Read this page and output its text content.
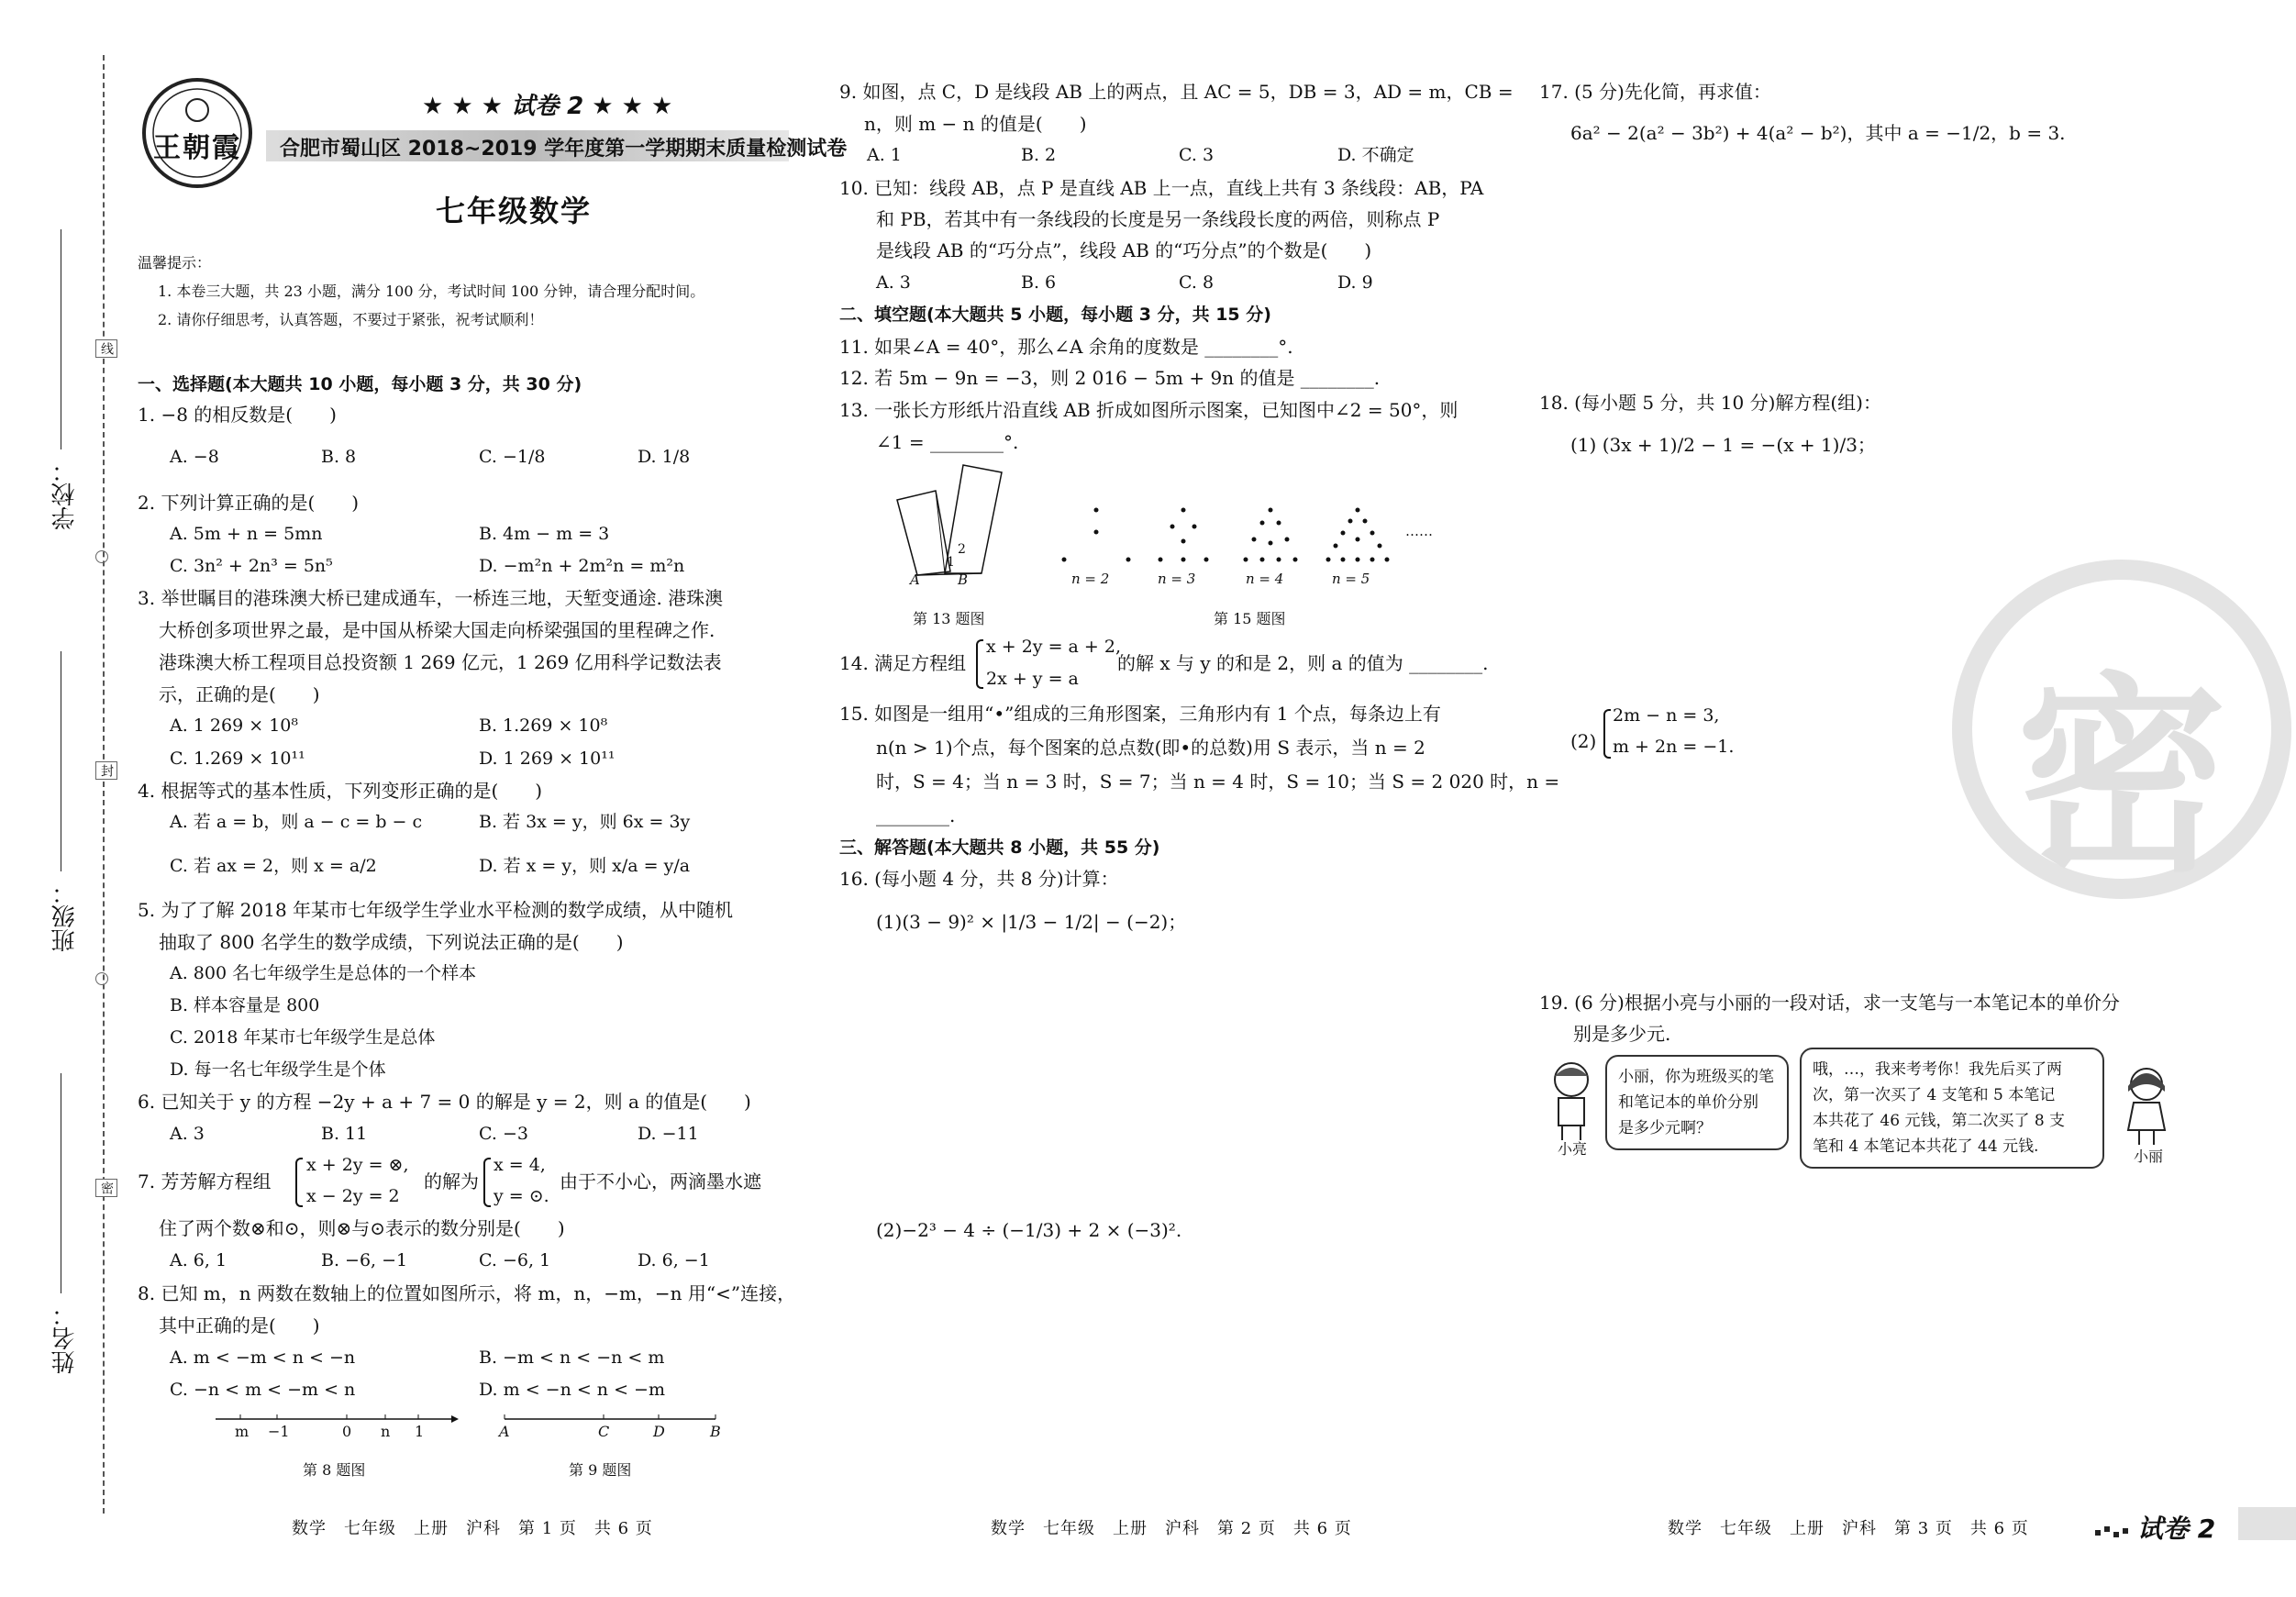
学校：
班级：
姓名：
线
封
密
王朝霞
★ ★ ★ 试卷 2 ★ ★ ★
合肥市蜀山区 2018~2019 学年度第一学期期末质量检测试卷
七年级数学
温馨提示：
1. 本卷三大题，共 23 小题，满分 100 分，考试时间 100 分钟，请合理分配时间。
2. 请你仔细思考，认真答题，不要过于紧张，祝考试顺利！
一、选择题(本大题共 10 小题，每小题 3 分，共 30 分)
1. −8 的相反数是(　　)
A. −8	B. 8	C. −1/8	D. 1/8
2. 下列计算正确的是(　　)
A. 5m + n = 5mn	B. 4m − m = 3
C. 3n² + 2n³ = 5n⁵	D. −m²n + 2m²n = m²n
3. 举世瞩目的港珠澳大桥已建成通车，一桥连三地，天堑变通途. 港珠澳
大桥创多项世界之最，是中国从桥梁大国走向桥梁强国的里程碑之作.
港珠澳大桥工程项目总投资额 1 269 亿元，1 269 亿用科学记数法表
示，正确的是(　　)
A. 1 269 × 10⁸	B. 1.269 × 10⁸
C. 1.269 × 10¹¹	D. 1 269 × 10¹¹
4. 根据等式的基本性质，下列变形正确的是(　　)
A. 若 a = b，则 a − c = b − c	B. 若 3x = y，则 6x = 3y
C. 若 ax = 2，则 x = a/2	D. 若 x = y，则 x/a = y/a
5. 为了了解 2018 年某市七年级学生学业水平检测的数学成绩，从中随机
抽取了 800 名学生的数学成绩，下列说法正确的是(　　)
A. 800 名七年级学生是总体的一个样本
B. 样本容量是 800
C. 2018 年某市七年级学生是总体
D. 每一名七年级学生是个体
6. 已知关于 y 的方程 −2y + a + 7 = 0 的解是 y = 2，则 a 的值是(　　)
A. 3	B. 11	C. −3	D. −11
7. 芳芳解方程组
x + 2y = ⊗,
x − 2y = 2
的解为
x = 4,
y = ⊙.
由于不小心，两滴墨水遮
住了两个数⊗和⊙，则⊗与⊙表示的数分别是(　　)
A. 6, 1	B. −6, −1	C. −6, 1	D. 6, −1
8. 已知 m，n 两数在数轴上的位置如图所示，将 m，n，−m，−n 用“<”连接，
其中正确的是(　　)
A. m < −m < n < −n	B. −m < n < −n < m
C. −n < m < −m < n	D. m < −n < n < −m
m −1	0 n 1
第 8 题图
A	C	D	B
第 9 题图
数学　七年级　上册　沪科　第 1 页　共 6 页
9. 如图，点 C，D 是线段 AB 上的两点，且 AC = 5，DB = 3，AD = m，CB =
n，则 m − n 的值是(　　)
A. 1	B. 2	C. 3	D. 不确定
10. 已知：线段 AB，点 P 是直线 AB 上一点，直线上共有 3 条线段：AB，PA
和 PB，若其中有一条线段的长度是另一条线段长度的两倍，则称点 P
是线段 AB 的“巧分点”，线段 AB 的“巧分点”的个数是(　　)
A. 3	B. 6	C. 8	D. 9
二、填空题(本大题共 5 小题，每小题 3 分，共 15 分)
11. 如果∠A = 40°，那么∠A 余角的度数是 ________°.
12. 若 5m − 9n = −3，则 2 016 − 5m + 9n 的值是 ________.
13. 一张长方形纸片沿直线 AB 折成如图所示图案，已知图中∠2 = 50°，则
∠1 = ________°.
A	B
1
2
第 13 题图
n = 2	n = 3	n = 4	n = 5
……
第 15 题图
14. 满足方程组
x + 2y = a + 2,
2x + y = a
的解 x 与 y 的和是 2，则 a 的值为 ________.
15. 如图是一组用“•”组成的三角形图案，三角形内有 1 个点，每条边上有
n(n > 1)个点，每个图案的总点数(即•的总数)用 S 表示，当 n = 2
时，S = 4；当 n = 3 时，S = 7；当 n = 4 时，S = 10；当 S = 2 020 时，n =
________.
三、解答题(本大题共 8 小题，共 55 分)
16. (每小题 4 分，共 8 分)计算：
(1)(3 − 9)² × |1/3 − 1/2| − (−2)；
(2)−2³ − 4 ÷ (−1/3) + 2 × (−3)².
数学　七年级　上册　沪科　第 2 页　共 6 页
17. (5 分)先化简，再求值：
6a² − 2(a² − 3b²) + 4(a² − b²)，其中 a = −1/2，b = 3.
18. (每小题 5 分，共 10 分)解方程(组)：
(1) (3x + 1)/2 − 1 = −(x + 1)/3；
(2)
2m − n = 3,
m + 2n = −1.
19. (6 分)根据小亮与小丽的一段对话，求一支笔与一本笔记本的单价分
别是多少元.
小亮
小丽，你为班级买的笔
和笔记本的单价分别
是多少元啊？
哦，…，我来考考你！我先后买了两
次，第一次买了 4 支笔和 5 本笔记
本共花了 46 元钱，第二次买了 8 支
笔和 4 本笔记本共花了 44 元钱.
小丽
密
数学　七年级　上册　沪科　第 3 页　共 6 页	试卷 2
